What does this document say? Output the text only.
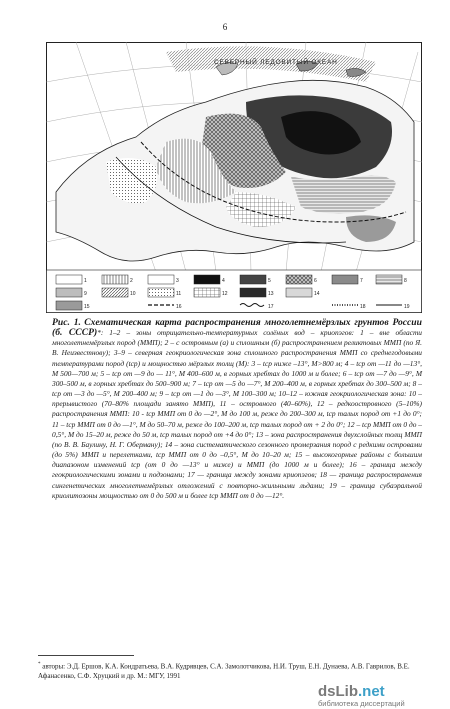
6
СЕВЕРНЫЙ ЛЕДОВИТЫЙ ОКЕАН
1	2	3	4	5	6	7	8
9	10	11	12	13	14
15	16	17	18	19
Рис. 1. Схематическая карта распространения многолетнемёрзлых грунтов России (б. СССР)*: 1–2 – зоны отрицательно-температурных солёных вод – криопэгов: 1 – вне области многолетнемёрзлых пород (ММП); 2 – с островным (а) и сплошным (б) распространением реликтовых ММП (по Я. В. Неизвестнову); 3–9 – северная геокриологическая зона сплошного распространения ММП со среднегодовыми температурами пород (tср) и мощностью мёрзлых толщ (М): 3 – tср ниже –13°, М>800 м; 4 – tср от —11 до —13°, М 500—700 м; 5 – tср от —9 до — 11°, М 400–600 м, в горных хребтах до 1000 м и более; 6 – tср от —7 до —9°, М 300–500 м, в горных хребтах до 500–900 м; 7 – tср от —5 до —7°, М 200–400 м, в горных хребтах до 300–500 м; 8 – tср от —3 до —5°, М 200–400 м; 9 – tср от —1 до —3°, М 100–300 м; 10–12 – южная геокриологическая зона: 10 – прерывистого (70–80% площади занято ММП), 11 – островного (40–60%), 12 – редкоостровного (5–10%) распространения ММП: 10 - tср ММП от 0 до —2°, М до 100 м, реже до 200–300 м, tср талых пород от +1 до 0°; 11 – tср ММП от 0 до —1°, М до 50–70 м, реже до 100–200 м, tср талых пород от + 2 до 0°; 12 – tср ММП от 0 до –0,5°, М до 15–20 м, реже до 50 м, tср талых пород от +4 до 0°; 13 – зона распространения двухслойных толщ ММП (по В. В. Баулину, Н. Г. Оберману); 14 – зона систематического сезонного промерзания пород с редкими островами (до 5%) ММП и перелетками, tср ММП от 0 до –0,5°, М до 10–20 м; 15 – высокогорные районы с большим диапазоном изменений tср (от 0 до —13° и ниже) и ММП (до 1000 м и более); 16 – граница между геокриологическими зонами и подзонами; 17 — граница между зонами криопэгов; 18 — граница распространения сингенетических многолетнемёрзлых отложений с повторно-жильными льдами; 19 – граница субаэральной криолитозоны мощностью от 0 до 500 м и более tср ММП от 0 до —12°.
* авторы: Э.Д. Ершов, К.А. Кондратьева, В.А. Кудрявцев, С.А. Замолотчикова, Н.И. Труш, Е.Н. Дунаева, А.В. Гаврилов, В.Е. Афанасенко, С.Ф. Хруцкий и др. М.: МГУ, 1991
dsLib.net
библиотека диссертаций
